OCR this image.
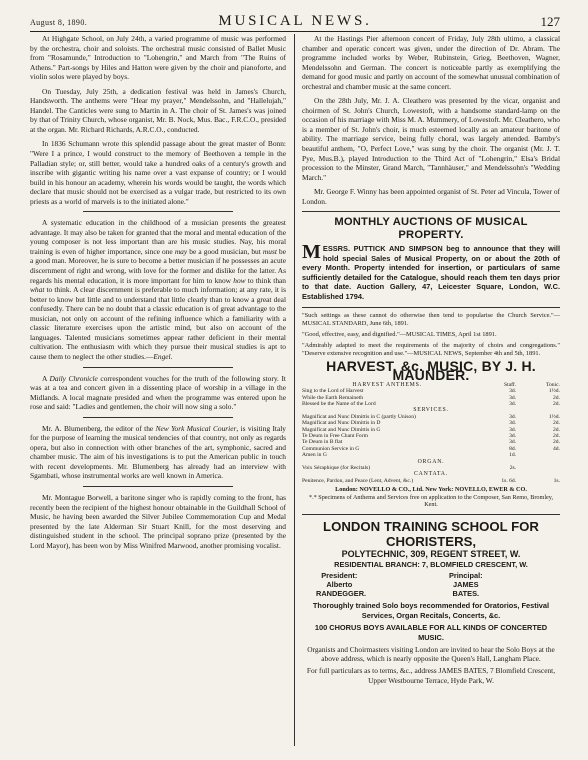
August 8, 1890.	MUSICAL NEWS.	127

At Highgate School, on July 24th, a varied programme of music was performed by the orchestra, choir and soloists. The orchestral music consisted of Ballet Music from "Rosamunde," Introduction to "Lohengrin," and March from "The Ruins of Athens." Part-songs by Hiles and Hatton were given by the choir and pianoforte, and violin solos were played by boys.

On Tuesday, July 25th, a dedication festival was held in James's Church, Handsworth. The anthems were "Hear my prayer," Mendelssohn, and "Hallelujah," Handel. The Canticles were sung to Martin in A. The choir of St. James's was joined by that of Trinity Church, whose organist, Mr. B. Nock, Mus. Bac., F.R.C.O., presided at the organ. Mr. Richard Richards, A.R.C.O., conducted.

In 1836 Schumann wrote this splendid passage about the great master of Bonn: "Were I a prince, I would construct to the memory of Beethoven a temple in the Palladian style; or, still better, would take a hundred oaks of a century's growth and inscribe with gigantic writing his name over a vast expanse of country; or I would build in his honour an academy, wherein his words would be taught, the words which declare that music should not be exercised as a vulgar trade, but restricted to its own priests as a world of marvels is to the initiated alone."

A systematic education in the childhood of a musician presents the greatest advantage. It may also be taken for granted that the moral and mental education of the young composer is not less important than are his music studies. Nay, his moral training is even of higher importance, since one may be a good musician, but must be a good man. Moreover, he is sure to become a better musician if he possesses an acute discernment of right and wrong, with love for the former and dislike for the latter. As regards his mental education, it is more important for him to know how to think than what to think. A clear discernment is preferable to much information; at any rate, it is better to know but little and to understand that little clearly than to know a great deal confusedly. There can be no doubt that a classic education is of great advantage to the musician, not only on account of the refining influence which a familiarity with a classic literature exercises upon the artistic mind, but also on account of the languages. Talented musicians sometimes appear rather deficient in their mental cultivation. The enthusiasm with which they pursue their musical studies is apt to cause them to neglect the other studies.—Engel.

A Daily Chronicle correspondent vouches for the truth of the following story. It was at a tea and concert given in a dissenting place of worship in a village in the Midlands. A local magnate presided and when the programme was entered upon he rose and said: "Ladies and gentlemen, the choir will now sing a solo."

Mr. A. Blumenberg, the editor of the New York Musical Courier, is visiting Italy for the purpose of learning the musical tendencies of that country, not only as regards opera, but also in connection with other branches of the art, symphonic, sacred and chamber music. The aim of his investigations is to put the American public in touch with recent developments. Mr. Blumenberg has already had an interview with Sgambati, whose instrumental works are well known in America.

Mr. Montague Borwell, a baritone singer who is rapidly coming to the front, has recently been the recipient of the highest honour obtainable in the Guildhall School of Music, he having been awarded the Silver Jubilee Commemoration Cup and Medal presented by the late Alderman Sir Stuart Knill, for the most deserving and distinguished student in the school. The principal soprano prize (presented by the Lord Mayor), has been won by Miss Winifred Marwood, another promising vocalist.

At the Hastings Pier afternoon concert of Friday, July 28th ultimo, a classical chamber and operatic concert was given, under the direction of Dr. Abram. The programme included works by Weber, Rubinstein, Grieg, Beethoven, Wagner, Mendelssohn and German. The concert is noticeable partly as exemplifying the demand for good music and partly on account of the somewhat unusual combination of orchestral and chamber music at the same concert.

On the 28th July, Mr. J. A. Cleathero was presented by the vicar, organist and choirmen of St. John's Church, Lowestoft, with a handsome standard-lamp on the occasion of his marriage with Miss M. A. Mummery, of Lowestoft. Mr. Cleathero, who is a member of St. John's choir, is much esteemed locally as an amateur baritone of ability. The marriage service, being fully choral, was largely attended. Barnby's beautiful anthem, "O, Perfect Love," was sung by the choir. The organist (Mr. J. T. Pye, Mus.B.), played Introduction to the Third Act of "Lohengrin," Elsa's Bridal procession to the Minster, Grand March, "Tannhäuser," and Mendelssohn's "Wedding March."

Mr. George F. Winny has been appointed organist of St. Peter ad Vincula, Tower of London.

MONTHLY AUCTIONS OF MUSICAL PROPERTY.
MESSRS. PUTTICK AND SIMPSON beg to announce that they will hold special Sales of Musical Property, on or about the 20th of every Month. Property intended for insertion, or particulars of same sufficiently detailed for the Catalogue, should reach them ten days prior to that date. Auction Gallery, 47, Leicester Square, London, W.C. Established 1794.

"Such settings as these cannot do otherwise then tend to popularise the Church Service."—MUSICAL STANDARD, June 6th, 1891.

"Good, effective, easy, and dignified."—MUSICAL TIMES, April 1st 1891.

"Admirably adapted to meet the requirements of the majority of choirs and congregations." "Deserve extensive recognition and use."—MUSICAL NEWS, September 4th and 5th, 1891.

HARVEST, &c. MUSIC, BY J. H. MAUNDER.
HARVEST ANTHEMS.	Staff.	Tonic.
Sing to the Lord of Harvest	3d.	1½d.
While the Earth Remaineth	3d.	2d.
Blessed be the Name of the Lord	3d.	2d.
SERVICES.		
Magnificat and Nunc Dimittis in C (partly Unison)	3d.	1½d.
Magnificat and Nunc Dimittis in D	3d.	2d.
Magnificat and Nunc Dimittis in G	3d.	2d.
Te Deum in Free Chant Form	3d.	2d.
Te Deum in B flat	3d.	2d.
Communion Service in G	8d.	4d.
Amen in G	1d.	
ORGAN.		
Voix Séraphique (for Recitals)	2s.	
CANTATA.		
Penitence, Pardon, and Peace (Lent, Advent, &c.)	1s. 6d.	1s.
London: NOVELLO & CO., Ltd. New York: NOVELLO, EWER & CO.
*.* Specimens of Anthems and Services free on application to the Composer, San Remo, Bromley, Kent.
LONDON TRAINING SCHOOL FOR CHORISTERS,
POLYTECHNIC, 309, REGENT STREET, W.
RESIDENTIAL BRANCH: 7, BLOMFIELD CRESCENT, W.
President:
Alberto RANDEGGER.
Principal:
JAMES BATES.
Thoroughly trained Solo boys recommended for Oratorios, Festival Services, Organ Recitals, Concerts, &c.
100 CHORUS BOYS AVAILABLE FOR ALL KINDS OF CONCERTED MUSIC.
Organists and Choirmasters visiting London are invited to hear the Solo Boys at the above address, which is nearly opposite the Queen's Hall, Langham Place.
For full particulars as to terms, &c., address JAMES BATES, 7 Blomfield Crescent, Upper Westbourne Terrace, Hyde Park, W.
